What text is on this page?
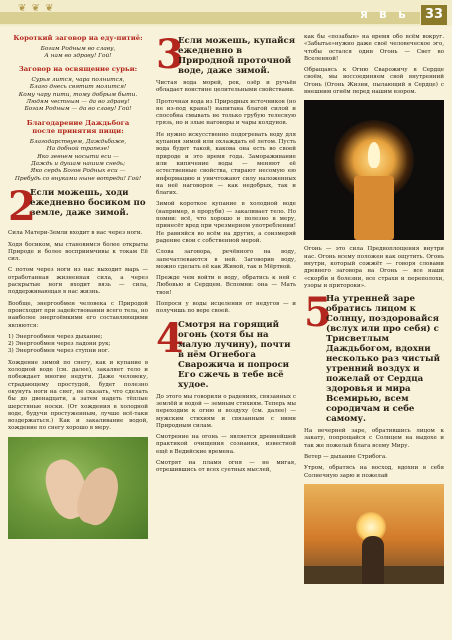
❦ ❦ ❦
Я В Ь	33
Короткий заговор на еду-питиё:
Богам Родным во славу,
А нам во здраву! Гой!
Заговор на освящение сурьи:
Сурья лится, чара полнится,
Благо днесь святит молится!
Кому чару пити, тому добрым быти.
Людям честным — да во здраву!
Богам Родным — да во славу! Гой!
Благодарение Даждьбога
после принятия пищи:
Благодарствуем, Даждьбоже,
На добной трапезе!
Яко зевнем носыти еси —
Даждь и душам нашим снедь;
Яко сердь Богов Родных еси —
Пребудь со внуками ныне вотреди! Гой!
2
Если можешь, ходи ежедневно босиком по земле, даже зимой.

Сила Матери-Земли входит в нас через ноги.

Ходя босиком, мы становимся более открыты Природе и более восприимчивы к токам Её сил.

С потом через ноги из нас выходит марь — отработанная жизненная сила, а через раскрытые ноги входит вязь — сила, поддерживающая в нас жизнь.

Вообще, энергообмен человека с Природой происходит при задействовании всего тела, но наиболее энергоёмкими его составляющими являются:

1) Энергообмен через дыхание;
2) Энергообмен через ладони рук;
3) Энергообмен через ступни ног.

Хождение зимой по снегу, как и купание в холодной воде (см. далее), закаляет тело и побеждает многие недуги. Даже человеку, страдающему простудой, будет полезно окунуть ноги на снег, не сказать, что сделать бы до двенадцати, а затем надеть тёплые шерстяные носки. (От хождения в холодной воде, будучи простуженным, лучше всё-таки воздержаться.) Как и закаливание водой, хождение по снегу хорошо в меру.

3
Если можешь, купайся ежедневно в Природной проточной воде, даже зимой.

Чистая вода морей, рек, озёр и ручьёв обладает воистине целительными свойствами.

Проточная вода из Природных источников (но не из-под крана!) напитана благой силой и способна смывать не только грубую телесную грязь, но и злые наговоры и чары колдунов.

Не нужно искусственно подогревать воду для купания зимой или охлаждать её летом. Пусть вода будет такой, какова она есть во своей природе и это время года. Замораживание или кипячение воды — меняют её естественные свойства, стирают несомую ею информацию и уничтожают силу наложенных на неё наговоров — как недобрых, так и благих.

Зимой короткое купание в холодной воде (например, в проруби) — закаливает тело. Но помни: всё, что хорошо и полезно в меру, принесёт вред при чрезмерном употреблении! Не равняйся во всём на других, а соизмеряй радение свои с собственной мерой.

Слова заговора, речённого на воду, запечатлеваются в ней. Заговорив воду, можно сделать её как Живой, так и Мёртвой.

Прежде чем войти в воду, обратись к ней с Любовью и Сердцем. Вспомни: она — Мать твоя!

Попроси у воды исцеления от недугов — и получишь по вере своей.

4
Смотря на горящий огонь (хотя бы на малую лучину), почти в нём Огнебога Сварожича и попроси Его сжечь в тебе всё худое.

До этого мы говорили о радениях, связанных с землёй и водой — земным стихиям. Теперь мы переходим к огню и воздуху (см. далее) — мужским стихиям и связанным с ними Природным силам.

Смотрение на огонь — является древнейшей практикой очищения сознания, известной ещё в Ведийские времена.

Смотрят на пламя огня — не мигая, отрешившись от всех суетных мыслей,

как бы «позабыв» на время обо всём вокруг. «Забытье»нужно даже своё человеческое эго, чтобы остался один Огонь — Свет во Вселенной!

Обращаясь к Огню Сварожичу в Сердце своём, мы воссоединяем свой внутренний Огонь (Огонь Жизни, пылающий в Сердце) с внешним огнём перед нашим взором.

Огонь — это сила Предвоплощения внутри нас. Огонь всему положен как ощутить. Огонь внутри, который сожжёт — говоря словами древнего заговора на Огонь — все наши «скорби и болезни, все страхи и переполохи, узоры и притороки».

5
На утренней заре обратись лицом к Солнцу, поздоровайся (вслух или про себя) с Трисветлым Даждьбогом, вдохни несколько раз чистый утренний воздух и пожелай от Сердца здоровья и мира Всемирью, всем сородичам и себе самому.

На вечерней заре, обратившись лицом к закату, попрощайся с Солнцем на выдохе и так же пожелай блага всему Миру.

Ветер — дыхание Стрибога.

Утром, обратясь на восход, вдохни в себя Солнечную зарю и пожелай
